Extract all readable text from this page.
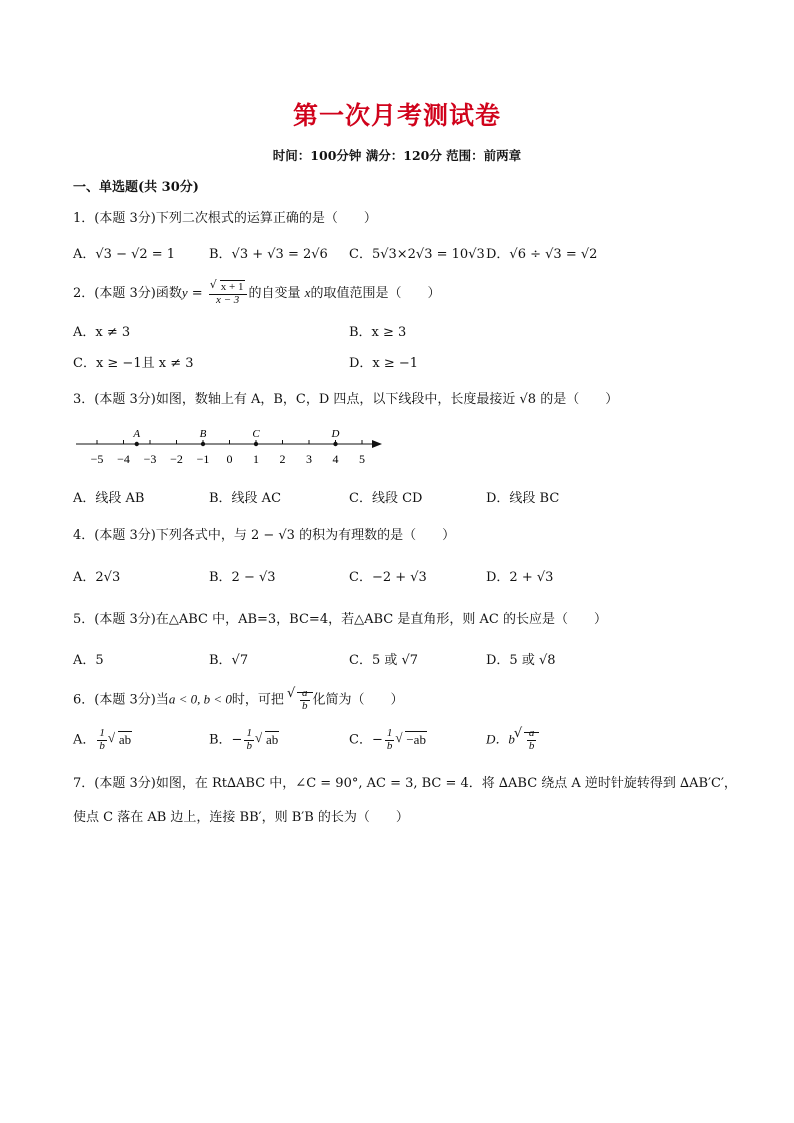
第一次月考测试卷
时间：100分钟 满分：120分 范围：前两章
一、单选题(共 30分)
1．(本题 3分)下列二次根式的运算正确的是（　　）
A．√3 − √2 = 1	B．√3 + √3 = 2√6 C．5√3×2√3 = 10√3 D．√6 ÷ √3 = √2
2．(本题 3分)函数y = √ $\frac{x + 1}{x - 3}$ 的自变量 x的取值范围是（　　）
A．x ≠ 3	B．x ≥ 3
C．x ≥ −1且 x ≠ 3	D．x ≥ −1
3．(本题 3分)如图，数轴上有 A，B，C，D 四点，以下线段中，长度最接近 √8 的是（　　）
−5 −4 −3 −2 −1 0 1 2 3 4 5
A	B	C	D
A．线段 AB	B．线段 AC	C．线段 CD	D．线段 BC
4．(本题 3分)下列各式中，与 2 − √3 的积为有理数的是（　　）
A．2√3	B．2 − √3	C．−2 + √3	D．2 + √3
5．(本题 3分)在△ABC 中，AB=3，BC=4，若△ABC 是直角形，则 AC 的长应是（　　）
A．5	B．√7	C．5 或 √7	D．5 或 √8
6．(本题 3分)当a < 0, b < 0时，可把 √ $\frac{a}{b}$ 化简为（　　）
A． $\frac{1}{b}$ √ ab	B．− $\frac{1}{b}$ √ ab	C．− $\frac{1}{b}$ √ −ab	D．b √ $\frac{a}{b}$
7．(本题 3分)如图，在 Rt∆ABC 中，∠C = 90°, AC = 3, BC = 4．将 ∆ABC 绕点 A 逆时针旋转得到 ∆AB′C′，
使点 C 落在 AB 边上，连接 BB′，则 B′B 的长为（　　）
